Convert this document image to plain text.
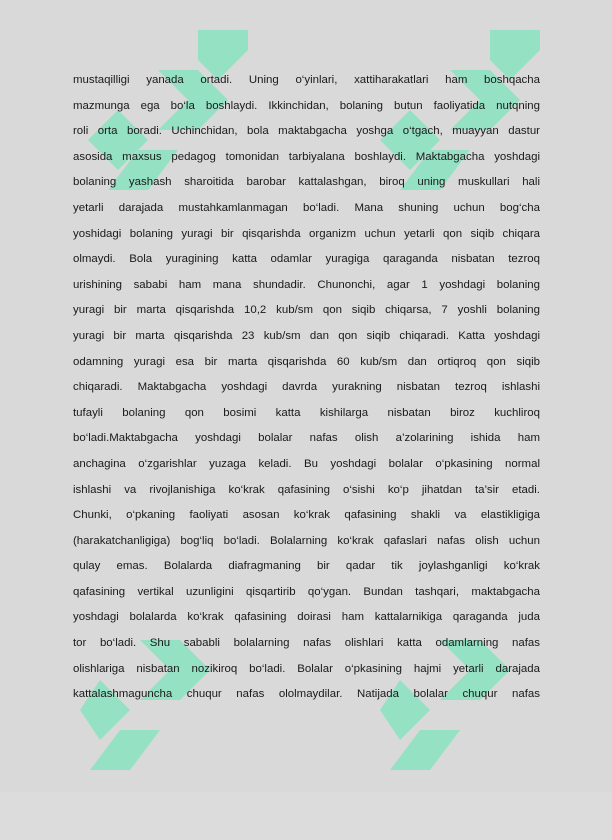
mustaqilligi yanada ortadi. Uning o‘yinlari, xattiharakatlari ham boshqacha
mazmunga ega bo‘la boshlaydi. Ikkinchidan, bolaning butun faoliyatida nutqning
roli orta boradi. Uchinchidan, bola maktabgacha yoshga o‘tgach, muayyan dastur
asosida maxsus pedagog tomonidan tarbiyalana boshlaydi. Maktabgacha yoshdagi
bolaning yashash sharoitida barobar kattalashgan, biroq uning muskullari hali
yetarli darajada mustahkamlanmagan bo‘ladi. Mana shuning uchun bog‘cha
yoshidagi bolaning yuragi bir qisqarishda organizm uchun yetarli qon siqib chiqara
olmaydi. Bola yuragining katta odamlar yuragiga qaraganda nisbatan tezroq
urishining sababi ham mana shundadir. Chunonchi, agar 1 yoshdagi bolaning
yuragi bir marta qisqarishda 10,2 kub/sm qon siqib chiqarsa, 7 yoshli bolaning
yuragi bir marta qisqarishda 23 kub/sm dan qon siqib chiqaradi. Katta yoshdagi
odamning yuragi esa bir marta qisqarishda 60 kub/sm dan ortiqroq qon siqib
chiqaradi. Maktabgacha yoshdagi davrda yurakning nisbatan tezroq ishlashi
tufayli bolaning qon bosimi katta kishilarga nisbatan biroz kuchliroq
bo‘ladi.Maktabgacha yoshdagi bolalar nafas olish a’zolarining ishida ham
anchagina o‘zgarishlar yuzaga keladi. Bu yoshdagi bolalar o‘pkasining normal
ishlashi va rivojlanishiga ko‘krak qafasining o‘sishi ko‘p jihatdan ta’sir etadi.
Chunki, o‘pkaning faoliyati asosan ko‘krak qafasining shakli va elastikligiga
(harakatchanligiga) bog‘liq bo‘ladi. Bolalarning ko‘krak qafaslari nafas olish uchun
qulay emas. Bolalarda diafragmaning bir qadar tik joylashganligi ko‘krak
qafasining vertikal uzunligini qisqartirib qo‘ygan. Bundan tashqari, maktabgacha
yoshdagi bolalarda ko‘krak qafasining doirasi ham kattalarnikiga qaraganda juda
tor bo‘ladi. Shu sababli bolalarning nafas olishlari katta odamlarning nafas
olishlariga nisbatan nozikiroq bo‘ladi. Bolalar o‘pkasining hajmi yetarli darajada
kattalashmaguncha chuqur nafas ololmaydilar. Natijada bolalar chuqur nafas
